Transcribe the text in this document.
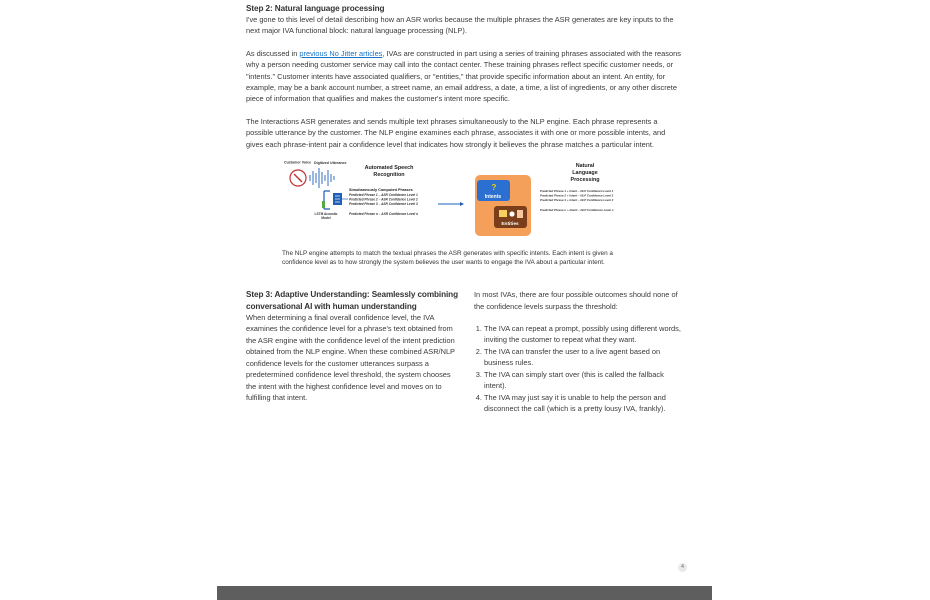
Step 2: Natural language processing

I've gone to this level of detail describing how an ASR works because the multiple phrases the ASR generates are key inputs to the next major IVA functional block: natural language processing (NLP).

As discussed in previous No Jitter articles, IVAs are constructed in part using a series of training phrases associated with the reasons why a person needing customer service may call into the contact center. These training phrases reflect specific customer needs, or "intents." Customer intents have associated qualifiers, or "entities," that provide specific information about an intent. An entity, for example, may be a bank account number, a street name, an email address, a date, a time, a list of ingredients, or any other discrete piece of information that qualifies and makes the customer's intent more specific.

The Interactions ASR generates and sends multiple text phrases simultaneously to the NLP engine. Each phrase represents a possible utterance by the customer. The NLP engine examines each phrase, associates it with one or more possible intents, and gives each phrase-intent pair a confidence level that indicates how strongly it believes the phrase matches a particular intent.

Customer Voice Digitized Utterance
LSTM Acoustic
Model
Automated Speech
Recognition
Simultaneously Computed Phrases
Predicted Phrase 1 – ASR Confidence Level 1
Predicted Phrase 2 – ASR Confidence Level 2
Predicted Phrase 3 – ASR Confidence Level 3
Predicted Phrase n – ASR Confidence Level n
?
Intents
Entities
Natural
Language
Processing
Predicted Phrase 1 + Intent – NLP Confidence Level 1
Predicted Phrase 2 + Intent – NLP Confidence Level 2
Predicted Phrase 3 + Intent – NLP Confidence Level 3
Predicted Phrase n + Intent – NLP Confidence Level n
The NLP engine attempts to match the textual phrases the ASR generates with specific intents. Each intent is given a confidence level as to how strongly the system believes the user wants to engage the IVA about a particular intent.
Step 3: Adaptive Understanding: Seamlessly combining conversational AI with human understanding
When determining a final overall confidence level, the IVA examines the confidence level for a phrase's text obtained from the ASR engine with the confidence level of the intent prediction obtained from the NLP engine. When these combined ASR/NLP confidence levels for the customer utterances surpass a predetermined confidence level threshold, the system chooses the intent with the highest confidence level and moves on to fulfilling that intent.
In most IVAs, there are four possible outcomes should none of the confidence levels surpass the threshold:
1. The IVA can repeat a prompt, possibly using different words, inviting the customer to repeat what they want.
2. The IVA can transfer the user to a live agent based on business rules.
3. The IVA can simply start over (this is called the fallback intent).
4. The IVA may just say it is unable to help the person and disconnect the call (which is a pretty lousy IVA, frankly).
4
